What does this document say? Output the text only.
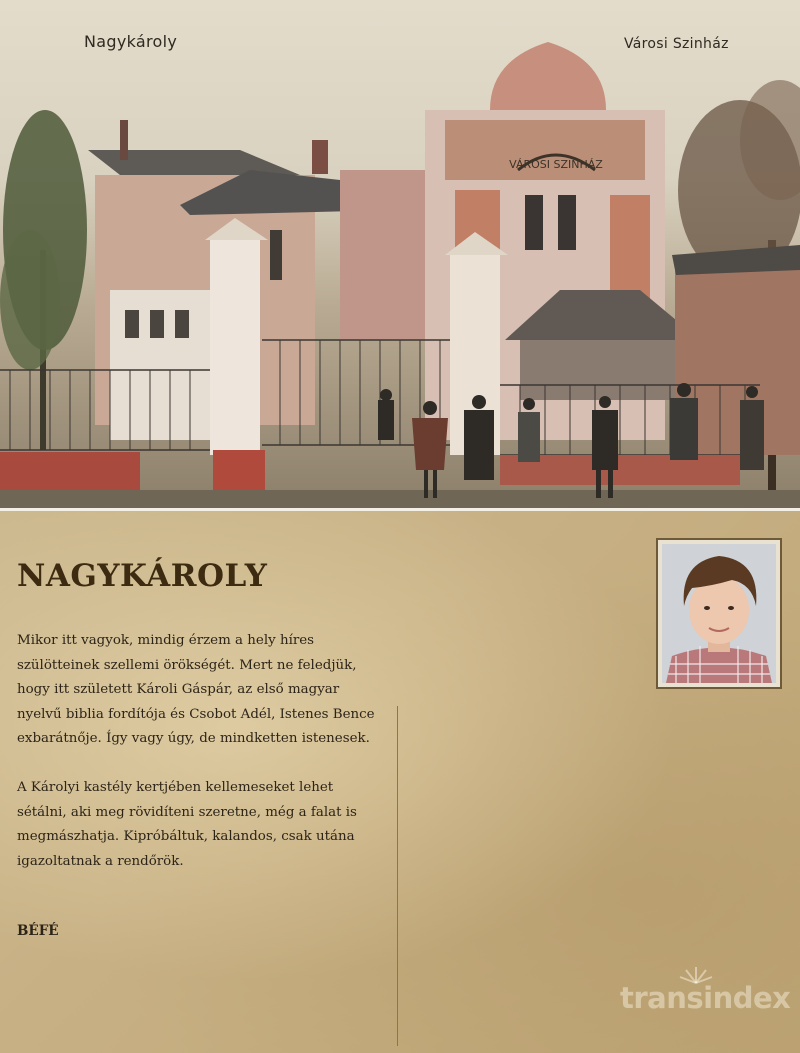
VÁROSI SZINHÁZ
Nagykároly	Városi Szinház
NAGYKÁROLY

Mikor itt vagyok, mindig érzem a hely híres szülötteinek szellemi örökségét. Mert ne feledjük, hogy itt született Károli Gáspár, az első magyar nyelvű biblia fordítója és Csobot Adél, Istenes Bence exbarátnője. Így vagy úgy, de mindketten istenesek.

A Károlyi kastély kertjében kellemeseket lehet sétálni, aki meg rövidíteni szeretne, még a falat is megmászhatja. Kipróbáltuk, kalandos, csak utána igazoltatnak a rendőrök.

BÉFÉ
transindex
